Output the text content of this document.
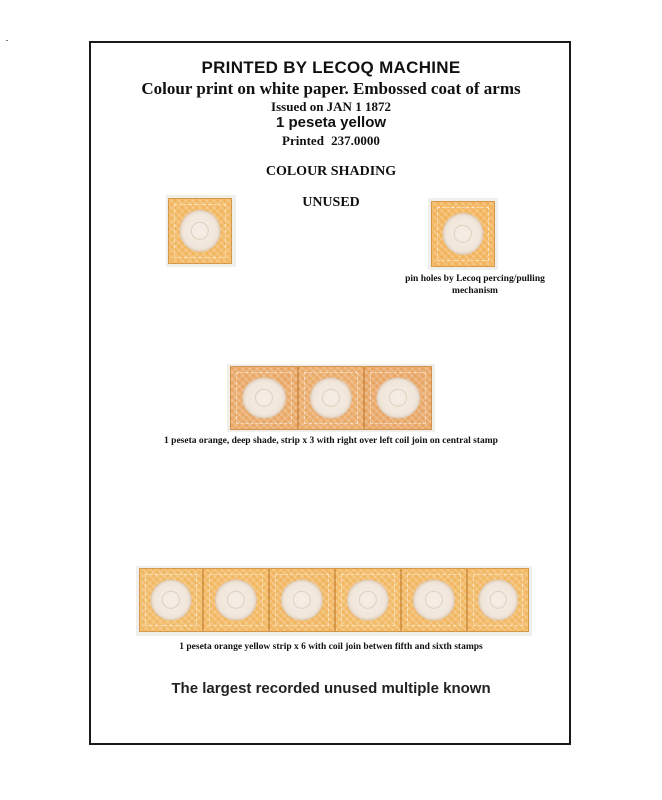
PRINTED BY LECOQ MACHINE
Colour print on white paper. Embossed coat of arms
Issued on JAN 1 1872
1 peseta yellow
Printed 237.0000
COLOUR SHADING
UNUSED
pin holes by Lecoq percing/pulling mechanism
1 peseta orange, deep shade, strip x 3 with right over left coil join on central stamp
1 peseta orange yellow strip x 6 with coil join betwen fifth and sixth stamps
The largest recorded unused multiple known
